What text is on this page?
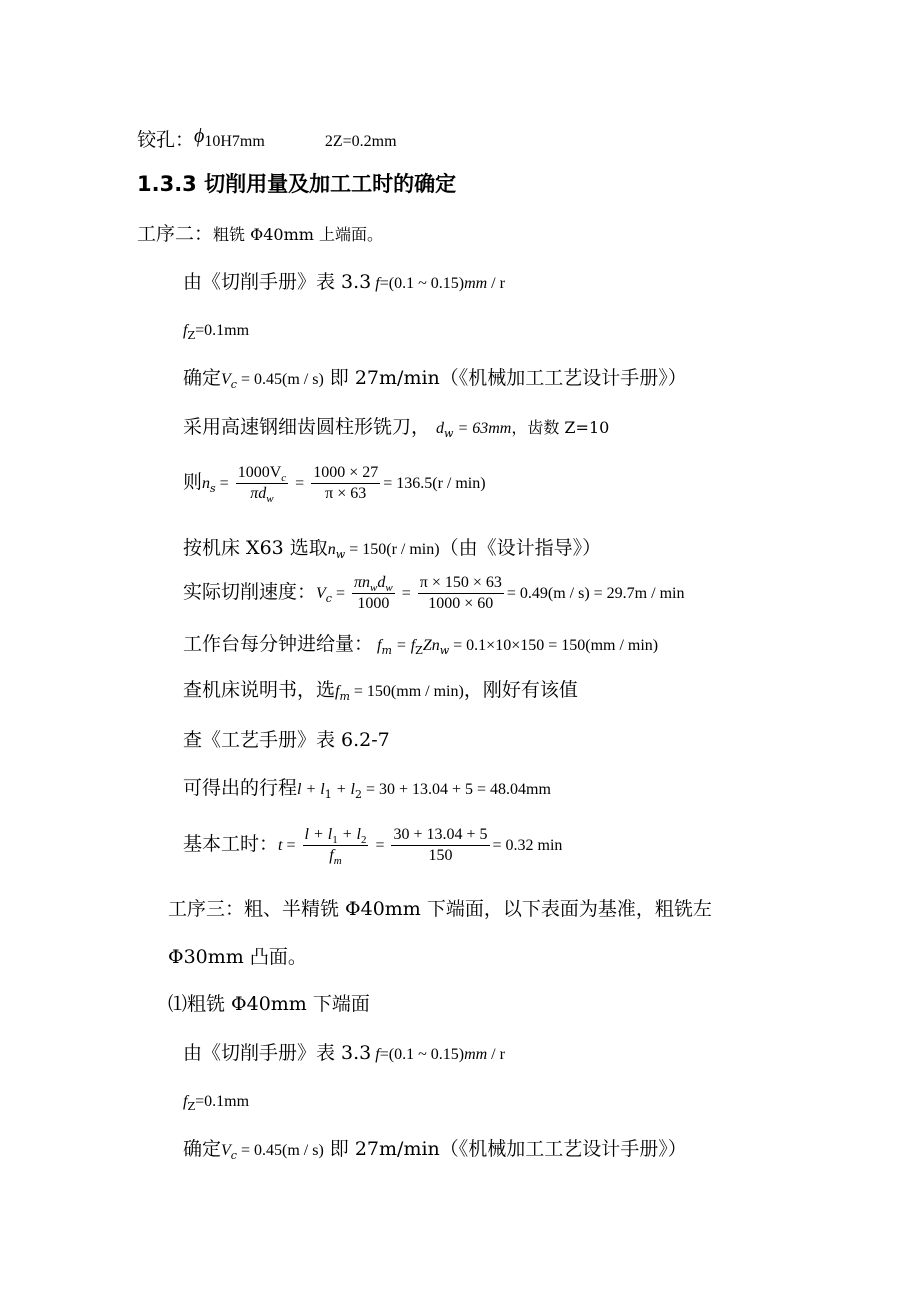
铰孔：ϕ10H7mm	2Z=0.2mm
1.3.3 切削用量及加工工时的确定
工序二：粗铣 Φ40mm 上端面。
由《切削手册》表 3.3 f=(0.1 ~ 0.15)mm / r
$f_Z=0.1mm$
确定$V_c = 0.45(m / s)$ 即 27m/min（《机械加工工艺设计手册》）
采用高速钢细齿圆柱形铣刀， $d_w = 63mm$，齿数 Z=10
则$n_s = \frac{1000V_c}{\pi d_w} = \frac{1000 \times 27}{\pi \times 63} = 136.5(r / \min)$
按机床 X63 选取$n_w = 150(r / \min)$（由《设计指导》）
实际切削速度：$V_c = \frac{\pi n_wd_w}{1000} = \frac{\pi \times 150 \times 63}{1000 \times 60} = 0.49(m / s) = 29.7m / \min$
工作台每分钟进给量： $f_m = f_ZZn_w = 0.1\times 10\times 150 = 150(mm / \min)$
查机床说明书，选$f_m = 150(mm / \min)$，刚好有该值
查《工艺手册》表 6.2-7
可得出的行程$l + l_1 + l_2 = 30 + 13.04 + 5 = 48.04mm$
基本工时：$t = \frac{l + l_1 + l_2}{f_m} = \frac{30 + 13.04 + 5}{150} = 0.32$ min
工序三：粗、半精铣 Φ40mm 下端面，以下表面为基准，粗铣左
Φ30mm 凸面。
⑴粗铣 Φ40mm 下端面
由《切削手册》表 3.3 f=(0.1 ~ 0.15)mm / r
$f_Z=0.1mm$
确定$V_c = 0.45(m / s)$ 即 27m/min（《机械加工工艺设计手册》）
